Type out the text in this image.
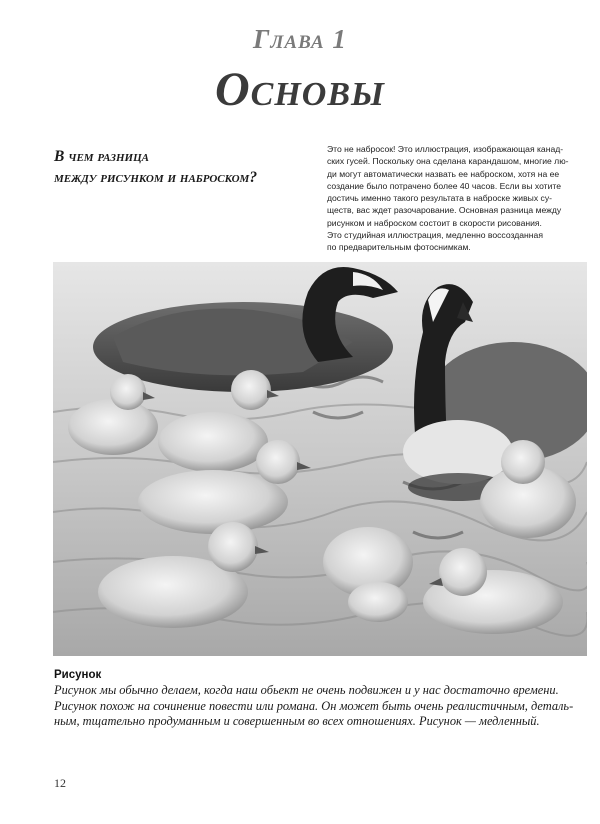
Глава 1
Основы
В чем разница
между рисунком и наброском?
Это не набросок! Это иллюстрация, изображающая канад-
ских гусей. Поскольку она сделана карандашом, многие лю-
ди могут автоматически назвать ее наброском, хотя на ее
создание было потрачено более 40 часов. Если вы хотите
достичь именно такого результата в наброске живых су-
ществ, вас ждет разочарование. Основная разница между
рисунком и наброском состоит в скорости рисования.
Это студийная иллюстрация, медленно воссозданная
по предварительным фотоснимкам.
Рисунок
Рисунок мы обычно делаем, когда наш обьект не очень подвижен и у нас достаточно времени.
Рисунок похож на сочинение повести или романа. Он может быть очень реалистичным, деталь-
ным, тщательно продуманным и совершенным во всех отношениях. Рисунок — медленный.
12
